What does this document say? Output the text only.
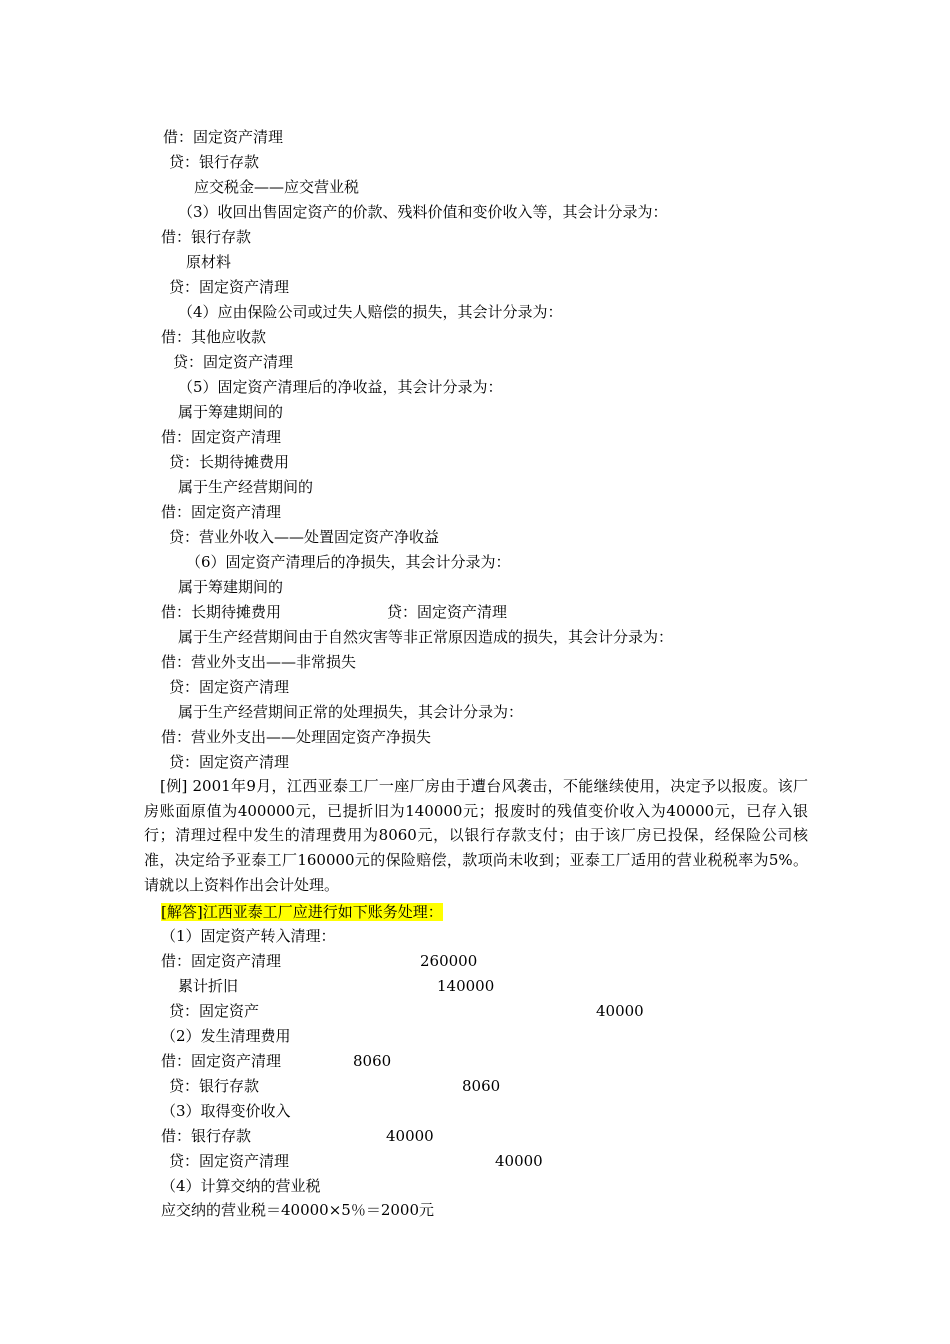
借：固定资产清理
贷：银行存款
应交税金——应交营业税
（3）收回出售固定资产的价款、残料价值和变价收入等，其会计分录为：
借：银行存款
原材料
贷：固定资产清理
（4）应由保险公司或过失人赔偿的损失，其会计分录为：
借：其他应收款
贷：固定资产清理
（5）固定资产清理后的净收益，其会计分录为：
属于筹建期间的
借：固定资产清理
贷：长期待摊费用
属于生产经营期间的
借：固定资产清理
贷：营业外收入——处置固定资产净收益
（6）固定资产清理后的净损失，其会计分录为：
属于筹建期间的
借：长期待摊费用	贷：固定资产清理
属于生产经营期间由于自然灾害等非正常原因造成的损失，其会计分录为：
借：营业外支出——非常损失
贷：固定资产清理
属于生产经营期间正常的处理损失，其会计分录为：
借：营业外支出——处理固定资产净损失
贷：固定资产清理
[例] 2001年9月，江西亚泰工厂一座厂房由于遭台风袭击，不能继续使用，决定予以报废。该厂房账面原值为400000元，已提折旧为140000元；报废时的残值变价收入为40000元，已存入银行；清理过程中发生的清理费用为8060元，以银行存款支付；由于该厂房已投保，经保险公司核准，决定给予亚泰工厂160000元的保险赔偿，款项尚未收到；亚泰工厂适用的营业税税率为5%。请就以上资料作出会计处理。
[解答]江西亚泰工厂应进行如下账务处理：
（1）固定资产转入清理：
借：固定资产清理	260000
累计折旧	140000
贷：固定资产	40000
（2）发生清理费用
借：固定资产清理	8060
贷：银行存款	8060
（3）取得变价收入
借：银行存款	40000
贷：固定资产清理	40000
（4）计算交纳的营业税
应交纳的营业税＝40000×5％＝2000元
